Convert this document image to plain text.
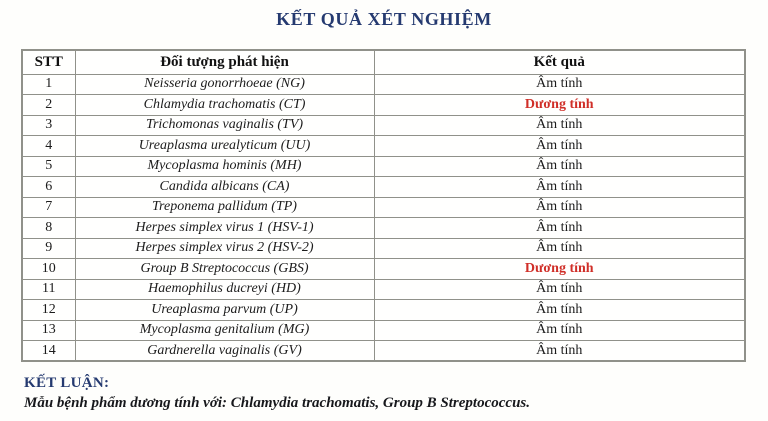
KẾT QUẢ XÉT NGHIỆM
STT	Đối tượng phát hiện	Kết quả
1	Neisseria gonorrhoeae (NG)	Âm tính
2	Chlamydia trachomatis (CT)	Dương tính
3	Trichomonas vaginalis (TV)	Âm tính
4	Ureaplasma urealyticum (UU)	Âm tính
5	Mycoplasma hominis (MH)	Âm tính
6	Candida albicans (CA)	Âm tính
7	Treponema pallidum (TP)	Âm tính
8	Herpes simplex virus 1 (HSV-1)	Âm tính
9	Herpes simplex virus 2 (HSV-2)	Âm tính
10	Group B Streptococcus (GBS)	Dương tính
11	Haemophilus ducreyi (HD)	Âm tính
12	Ureaplasma parvum (UP)	Âm tính
13	Mycoplasma genitalium (MG)	Âm tính
14	Gardnerella vaginalis (GV)	Âm tính
KẾT LUẬN:
Mẫu bệnh phẩm dương tính với: Chlamydia trachomatis, Group B Streptococcus.
